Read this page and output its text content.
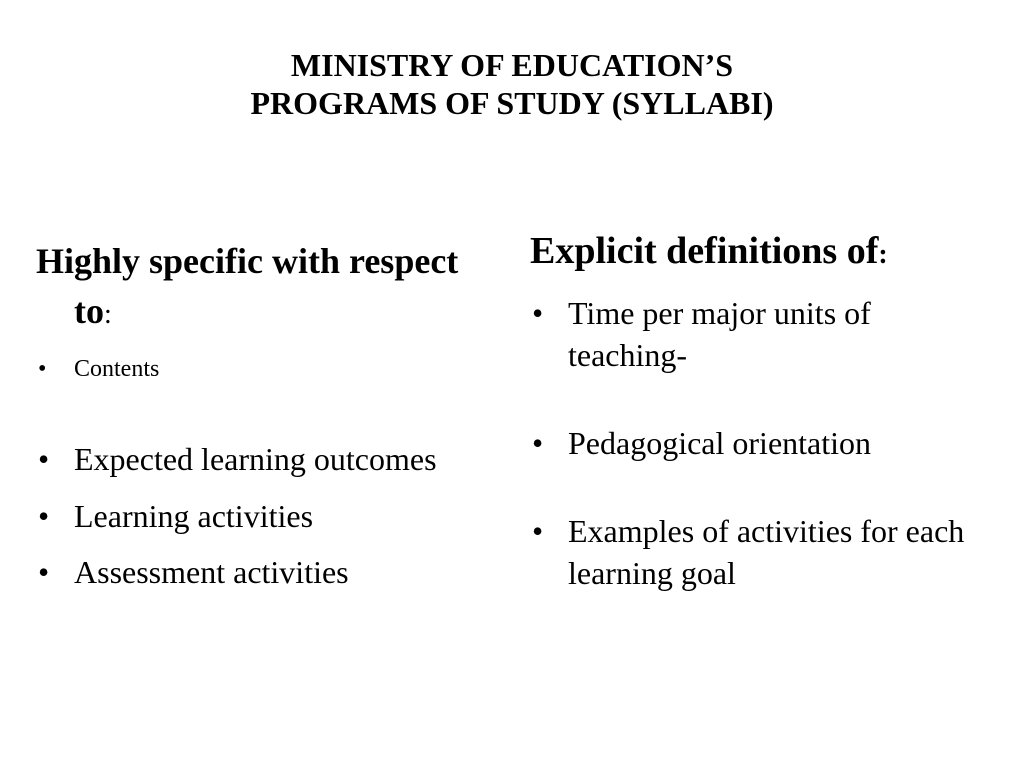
MINISTRY OF EDUCATION’S
PROGRAMS OF STUDY (SYLLABI)
Highly specific with respect to:
• Contents
• Expected learning outcomes
• Learning activities
• Assessment activities
Explicit definitions of:
• Time per major units of teaching-
• Pedagogical orientation
• Examples of activities for each learning goal
